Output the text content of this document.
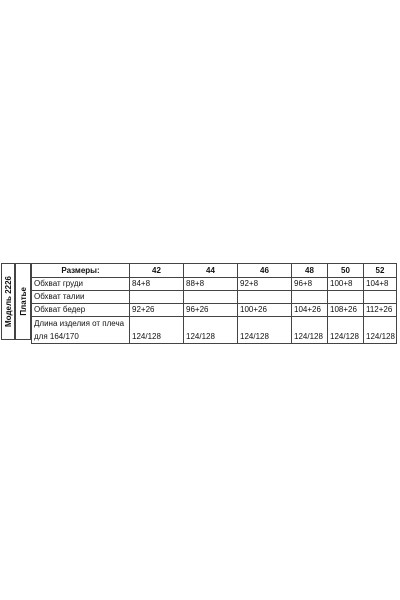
Модель 2226 Платье
Размеры:	42	44	46	48	50	52
Обхват груди	84+8	88+8	92+8	96+8	100+8	104+8
Обхват талии						
Обхват бедер	92+26	96+26	100+26	104+26	108+26	112+26

Длина изделия от плеча
для 164/170	124/128	124/128	124/128	124/128	124/128	124/128
